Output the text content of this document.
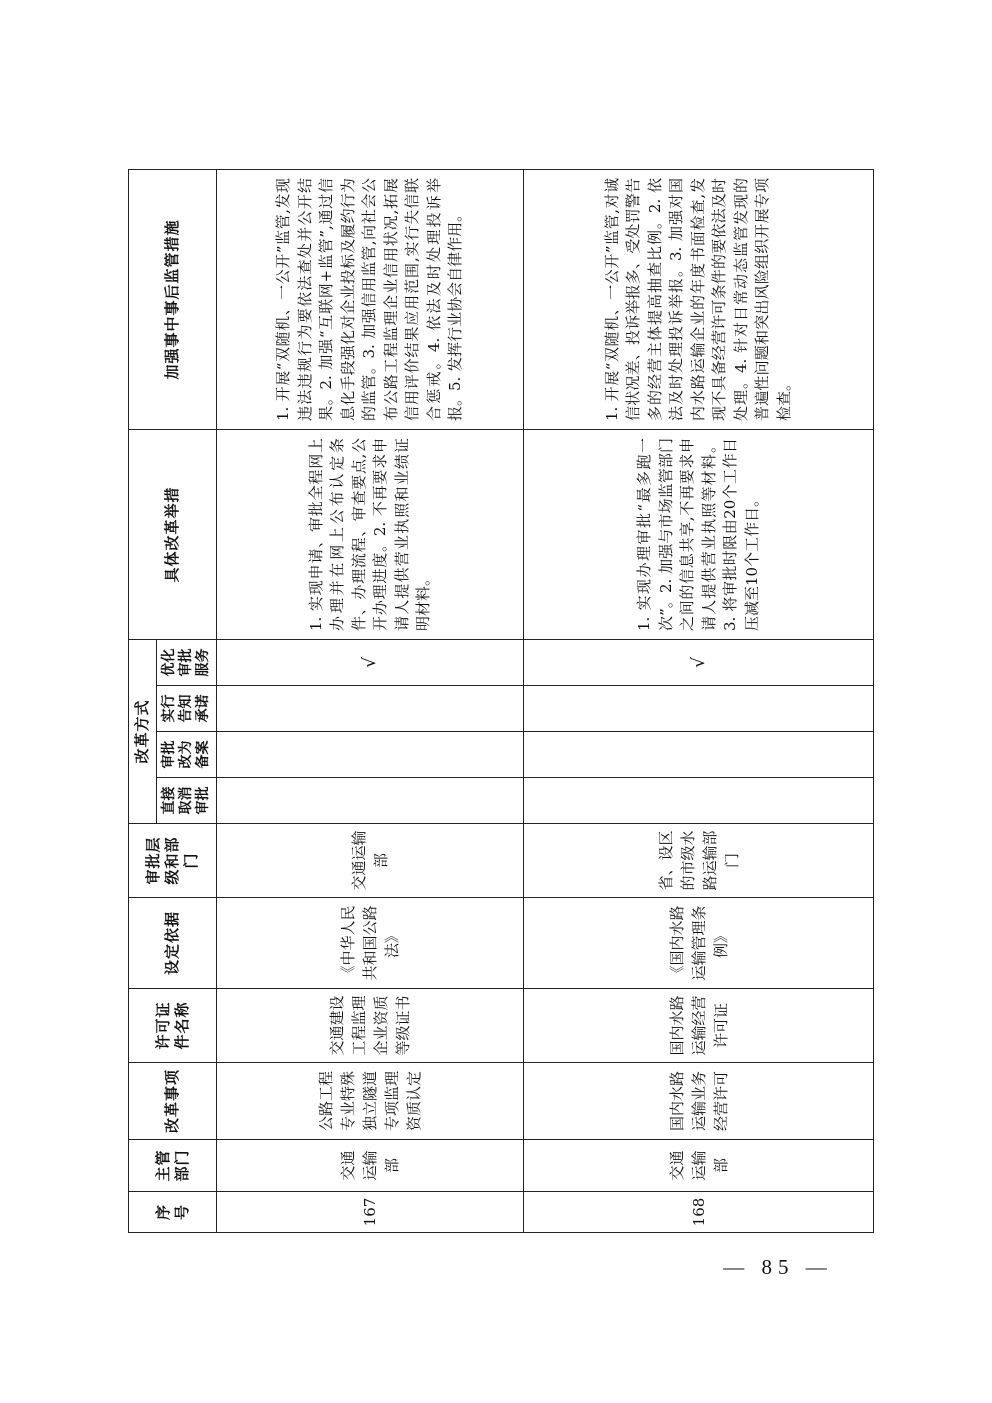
序号	主管部门	改革事项	许可证件名称	设定依据	审批层级和部门	改革方式				具体改革举措	加强事中事后监管措施
						直接取消审批	审批改为备案	实行告知承诺	优化审批服务		
167	交通运输部	公路工程专业特殊独立隧道专项监理资质认定	交通建设工程监理企业资质等级证书	《中华人民共和国公路法》	交通运输部				√	1. 实现申请、审批全程网上办理并在网上公布认定条件、办理流程、审查要点,公开办理进度。2. 不再要求申请人提供营业执照和业绩证明材料。	1. 开展“双随机、一公开”监管,发现违法违规行为要依法查处并公开结果。2. 加强“互联网+监管”,通过信息化手段强化对企业投标及履约行为的监管。3. 加强信用监管,向社会公布公路工程监理企业信用状况,拓展信用评价结果应用范围,实行失信联合惩戒。4. 依法及时处理投诉举报。5. 发挥行业协会自律作用。
168	交通运输部	国内水路运输业务经营许可	国内水路运输经营许可证	《国内水路运输管理条例》	省、设区的市级水路运输部门				√	1. 实现办理审批“最多跑一次”。2. 加强与市场监管部门之间的信息共享,不再要求申请人提供营业执照等材料。3. 将审批时限由20个工作日压减至10个工作日。	1. 开展“双随机、一公开”监管,对诚信状况差、投诉举报多、受处罚警告多的经营主体提高抽查比例。2. 依法及时处理投诉举报。3. 加强对国内水路运输企业的年度书面检查,发现不具备经营许可条件的要依法及时处理。4. 针对日常动态监管发现的普遍性问题和突出风险组织开展专项检查。
— 85 —
